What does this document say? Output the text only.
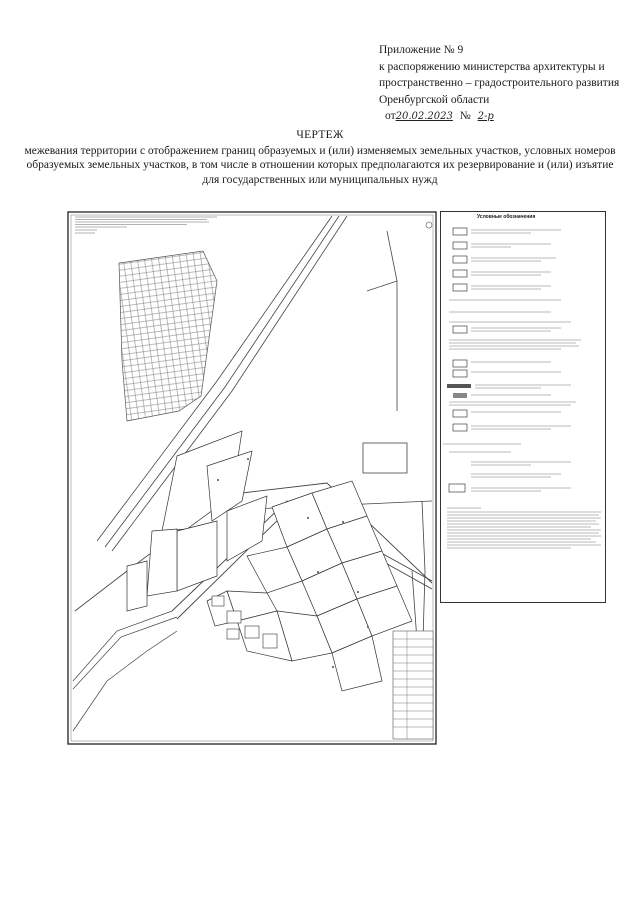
Приложение № 9
к распоряжению министерства архитектуры и
пространственно – градостроительного развития
Оренбургской области
от20.02.2023 № 2-р
ЧЕРТЕЖ
межевания территории с отображением границ образуемых и (или) изменяемых земельных участков, условных номеров
образуемых земельных участков, в том числе в отношении которых предполагаются их резервирование и (или) изъятие
для государственных или муниципальных нужд
Условные обозначения
